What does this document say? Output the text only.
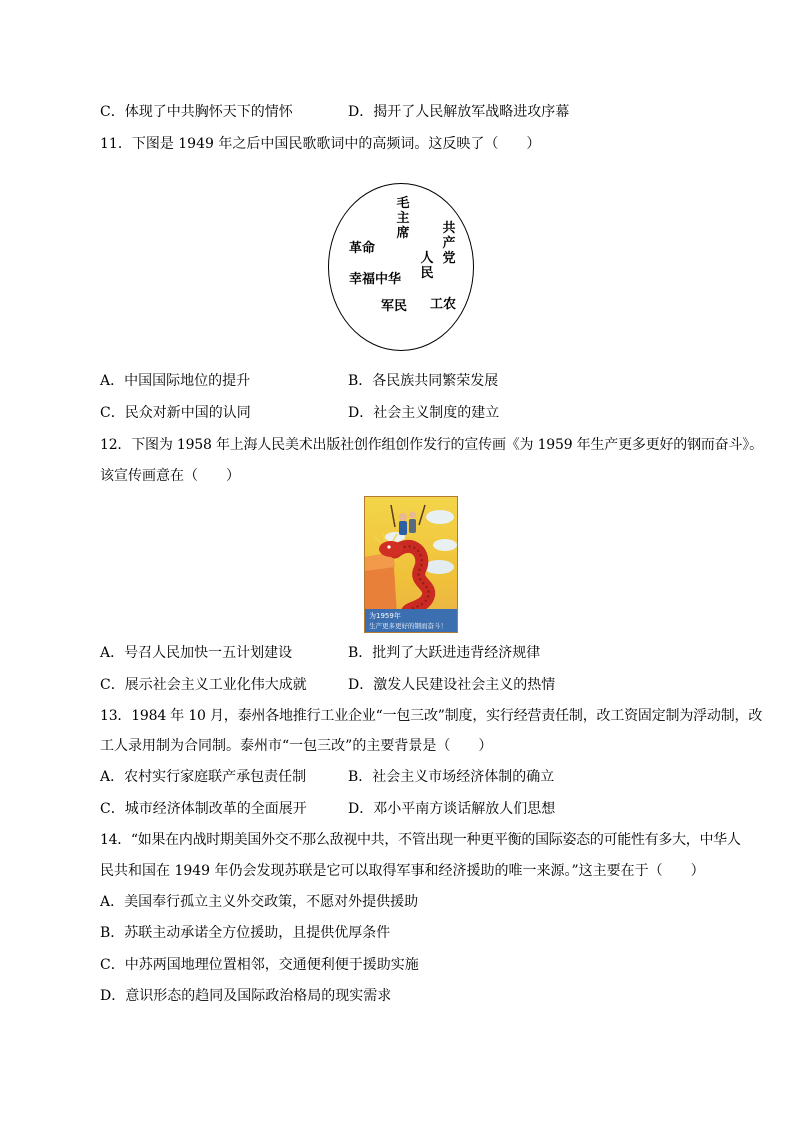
C．体现了中共胸怀天下的情怀	D．揭开了人民解放军战略进攻序幕
11．下图是 1949 年之后中国民歌歌词中的高频词。这反映了（　　）
毛主席	共产党
革命
人民
幸福中华
军民 工农
A．中国国际地位的提升	B．各民族共同繁荣发展
C．民众对新中国的认同	D．社会主义制度的建立
12．下图为 1958 年上海人民美术出版社创作组创作发行的宣传画《为 1959 年生产更多更好的钢而奋斗》。
该宣传画意在（　　）
为1959年
生产更多更好的钢而奋斗！
A．号召人民加快一五计划建设	B．批判了大跃进违背经济规律
C．展示社会主义工业化伟大成就	D．激发人民建设社会主义的热情
13．1984 年 10 月，泰州各地推行工业企业“一包三改”制度，实行经营责任制，改工资固定制为浮动制，改
工人录用制为合同制。泰州市“一包三改”的主要背景是（　　）
A．农村实行家庭联产承包责任制	B．社会主义市场经济体制的确立
C．城市经济体制改革的全面展开	D．邓小平南方谈话解放人们思想
14．“如果在内战时期美国外交不那么敌视中共，不管出现一种更平衡的国际姿态的可能性有多大，中华人
民共和国在 1949 年仍会发现苏联是它可以取得军事和经济援助的唯一来源。”这主要在于（　　）
A．美国奉行孤立主义外交政策，不愿对外提供援助
B．苏联主动承诺全方位援助，且提供优厚条件
C．中苏两国地理位置相邻，交通便利便于援助实施
D．意识形态的趋同及国际政治格局的现实需求
